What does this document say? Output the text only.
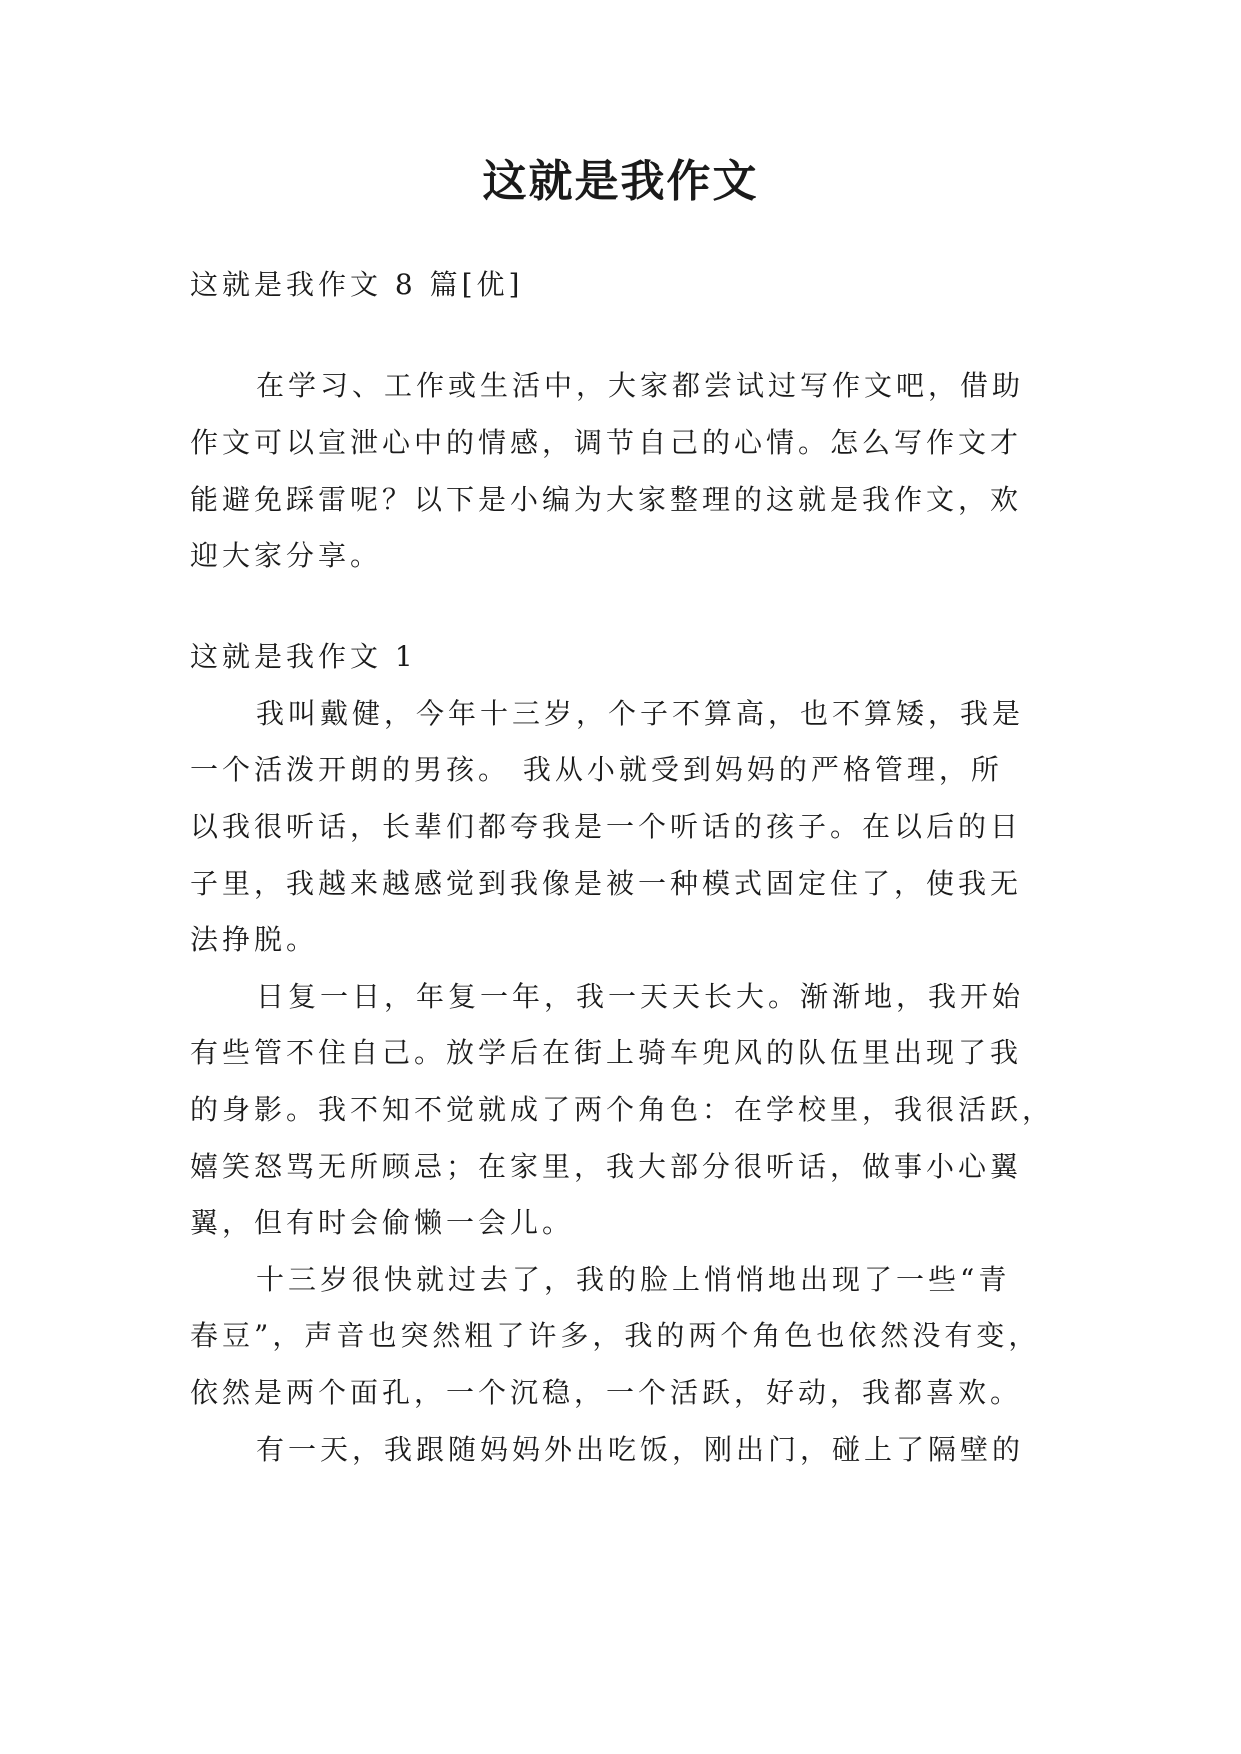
这就是我作文
这就是我作文 8 篇[优]
在学习、工作或生活中，大家都尝试过写作文吧，借助
作文可以宣泄心中的情感，调节自己的心情。怎么写作文才
能避免踩雷呢？以下是小编为大家整理的这就是我作文，欢
迎大家分享。
这就是我作文 1
我叫戴健，今年十三岁，个子不算高，也不算矮，我是
一个活泼开朗的男孩。 我从小就受到妈妈的严格管理，所
以我很听话，长辈们都夸我是一个听话的孩子。在以后的日
子里，我越来越感觉到我像是被一种模式固定住了，使我无
法挣脱。
日复一日，年复一年，我一天天长大。渐渐地，我开始
有些管不住自己。放学后在街上骑车兜风的队伍里出现了我
的身影。我不知不觉就成了两个角色：在学校里，我很活跃，
嬉笑怒骂无所顾忌；在家里，我大部分很听话，做事小心翼
翼，但有时会偷懒一会儿。
十三岁很快就过去了，我的脸上悄悄地出现了一些“青
春豆”，声音也突然粗了许多，我的两个角色也依然没有变，
依然是两个面孔，一个沉稳，一个活跃，好动，我都喜欢。
有一天，我跟随妈妈外出吃饭，刚出门，碰上了隔壁的
